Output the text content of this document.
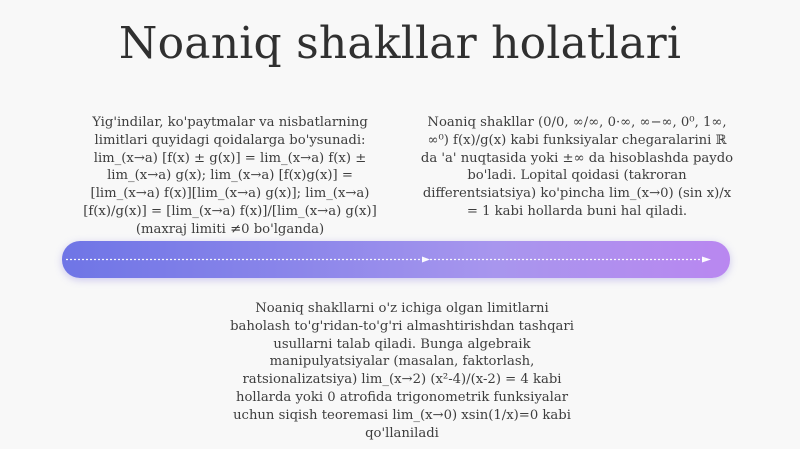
Noaniq shakllar holatlari

Yig'indilar, ko'paytmalar va nisbatlarning limitlari quyidagi qoidalarga bo'ysunadi: lim_(x→a) [f(x) ± g(x)] = lim_(x→a) f(x) ± lim_(x→a) g(x); lim_(x→a) [f(x)g(x)] = [lim_(x→a) f(x)][lim_(x→a) g(x)]; lim_(x→a) [f(x)/g(x)] = [lim_(x→a) f(x)]/[lim_(x→a) g(x)] (maxraj limiti ≠0 bo'lganda)

Noaniq shakllar (0/0, ∞/∞, 0·∞, ∞−∞, 0⁰, 1∞, ∞⁰) f(x)/g(x) kabi funksiyalar chegaralarini ℝ da 'a' nuqtasida yoki ±∞ da hisoblashda paydo bo'ladi. Lopital qoidasi (takroran differentsiatsiya) ko'pincha lim_(x→0) (sin x)/x = 1 kabi hollarda buni hal qiladi.

Noaniq shakllarni o'z ichiga olgan limitlarni baholash to'g'ridan-to'g'ri almashtirishdan tashqari usullarni talab qiladi. Bunga algebraik manipulyatsiyalar (masalan, faktorlash, ratsionalizatsiya) lim_(x→2) (x²-4)/(x-2) = 4 kabi hollarda yoki 0 atrofida trigonometrik funksiyalar uchun siqish teoremasi lim_(x→0) xsin(1/x)=0 kabi qo'llaniladi
